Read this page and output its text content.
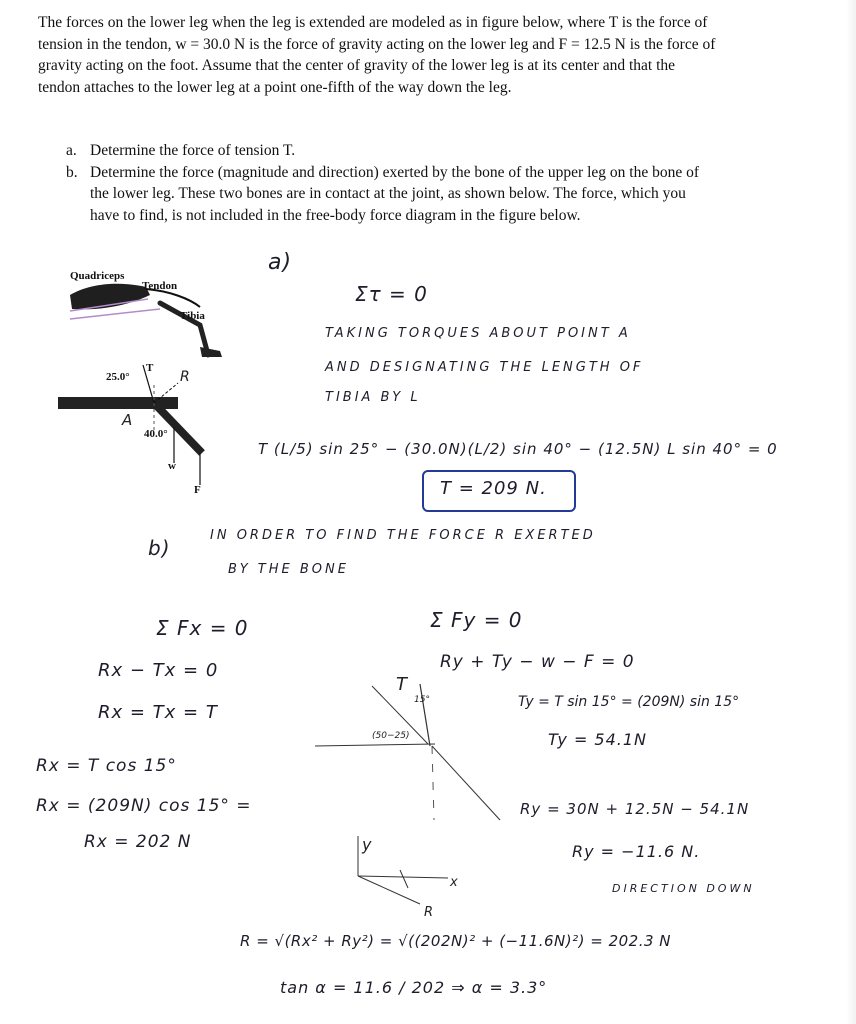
The forces on the lower leg when the leg is extended are modeled as in figure below, where T is the force of tension in the tendon, w = 30.0 N is the force of gravity acting on the lower leg and F = 12.5 N is the force of gravity acting on the foot. Assume that the center of gravity of the lower leg is at its center and that the tendon attaches to the lower leg at a point one-fifth of the way down the leg.
a. Determine the force of tension T.
b. Determine the force (magnitude and direction) exerted by the bone of the upper leg on the bone of the lower leg. These two bones are in contact at the joint, as shown below. The force, which you have to find, is not included in the free-body force diagram in the figure below.
Quadriceps
Tendon
Tibia
25.0°
40.0°
T
w
F
A
R
a)
Στ = 0
TAKING TORQUES ABOUT POINT A
AND DESIGNATING THE LENGTH OF
TIBIA BY L
T (L/5) sin 25° − (30.0N)(L/2) sin 40° − (12.5N) L sin 40° = 0
T = 209 N.
b)
IN ORDER TO FIND THE FORCE R EXERTED
BY THE BONE
Σ Fx = 0
Rx − Tx = 0
Rx = Tx = T
Rx = T cos 15°
Rx = (209N) cos 15° =
Rx = 202 N
Σ Fy = 0
Ry + Ty − w − F = 0
Ty = T sin 15° = (209N) sin 15°
Ty = 54.1N
Ry = 30N + 12.5N − 54.1N
Ry = −11.6 N.
DIRECTION DOWN
T
15°
(50−25)
y
x
R
R = √(Rx² + Ry²) = √((202N)² + (−11.6N)²) = 202.3 N
tan α = 11.6 / 202 ⇒ α = 3.3°
